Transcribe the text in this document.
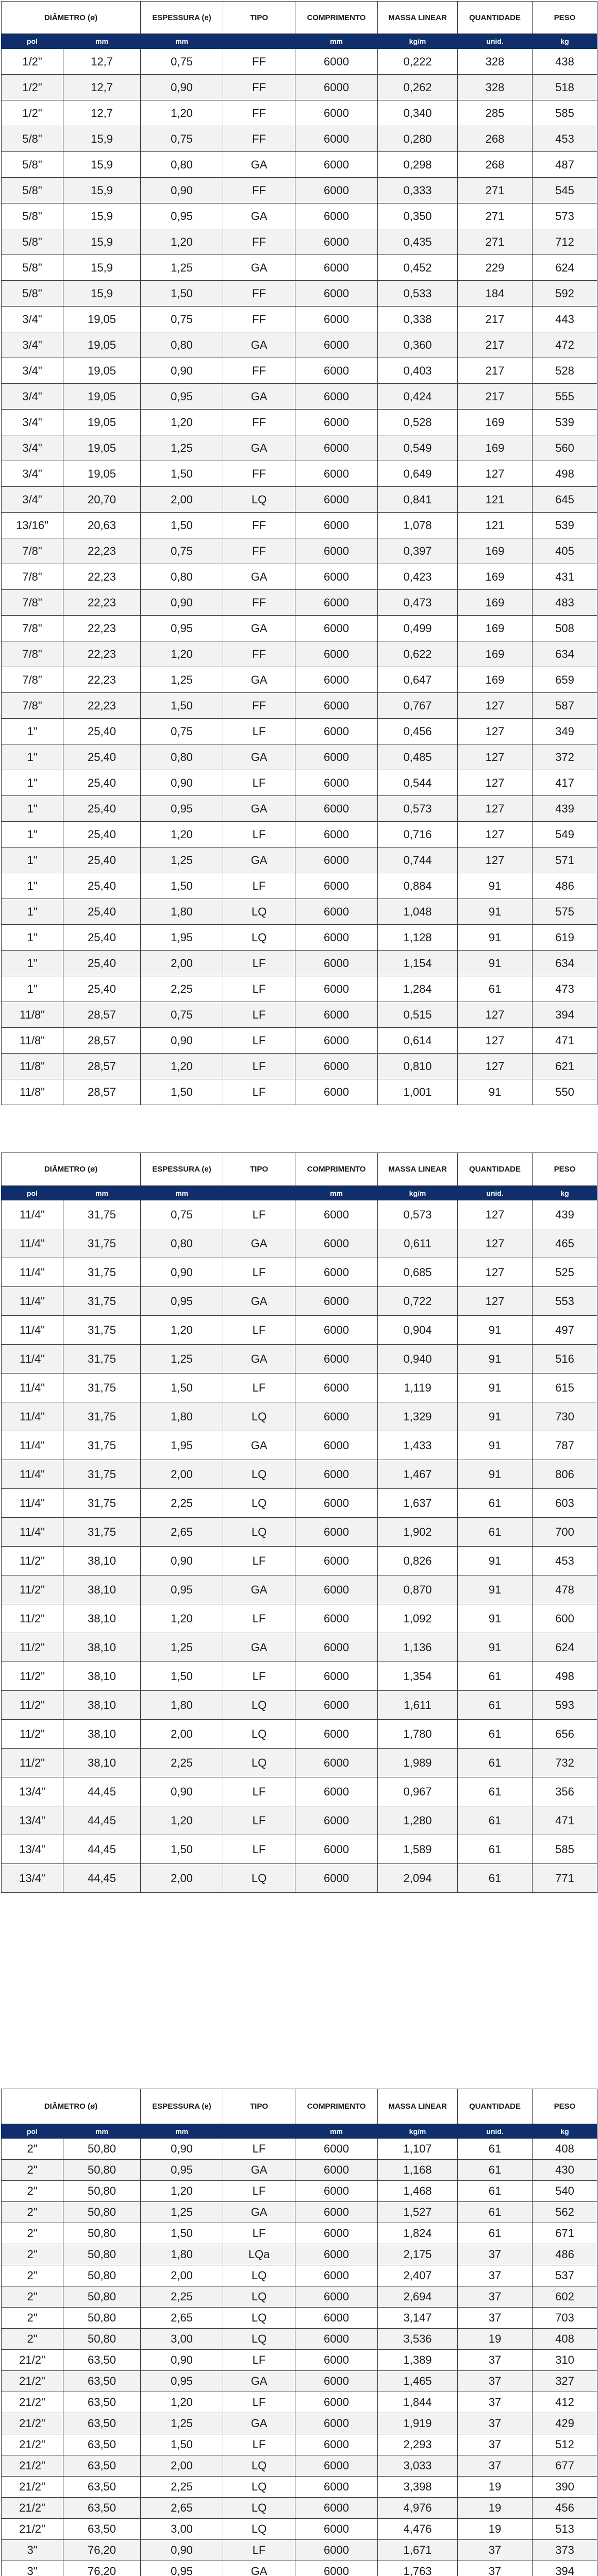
DIÂMETRO (ø)		ESPESSURA (e)	TIPO	COMPRIMENTO	MASSA LINEAR	QUANTIDADE	PESO
pol	mm	mm		mm	kg/m	unid.	kg
1/2"	12,7	0,75	FF	6000	0,222	328	438
1/2"	12,7	0,90	FF	6000	0,262	328	518
1/2"	12,7	1,20	FF	6000	0,340	285	585
5/8"	15,9	0,75	FF	6000	0,280	268	453
5/8"	15,9	0,80	GA	6000	0,298	268	487
5/8"	15,9	0,90	FF	6000	0,333	271	545
5/8"	15,9	0,95	GA	6000	0,350	271	573
5/8"	15,9	1,20	FF	6000	0,435	271	712
5/8"	15,9	1,25	GA	6000	0,452	229	624
5/8"	15,9	1,50	FF	6000	0,533	184	592
3/4"	19,05	0,75	FF	6000	0,338	217	443
3/4"	19,05	0,80	GA	6000	0,360	217	472
3/4"	19,05	0,90	FF	6000	0,403	217	528
3/4"	19,05	0,95	GA	6000	0,424	217	555
3/4"	19,05	1,20	FF	6000	0,528	169	539
3/4"	19,05	1,25	GA	6000	0,549	169	560
3/4"	19,05	1,50	FF	6000	0,649	127	498
3/4"	20,70	2,00	LQ	6000	0,841	121	645
13/16"	20,63	1,50	FF	6000	1,078	121	539
7/8"	22,23	0,75	FF	6000	0,397	169	405
7/8"	22,23	0,80	GA	6000	0,423	169	431
7/8"	22,23	0,90	FF	6000	0,473	169	483
7/8"	22,23	0,95	GA	6000	0,499	169	508
7/8"	22,23	1,20	FF	6000	0,622	169	634
7/8"	22,23	1,25	GA	6000	0,647	169	659
7/8"	22,23	1,50	FF	6000	0,767	127	587
1"	25,40	0,75	LF	6000	0,456	127	349
1"	25,40	0,80	GA	6000	0,485	127	372
1"	25,40	0,90	LF	6000	0,544	127	417
1"	25,40	0,95	GA	6000	0,573	127	439
1"	25,40	1,20	LF	6000	0,716	127	549
1"	25,40	1,25	GA	6000	0,744	127	571
1"	25,40	1,50	LF	6000	0,884	91	486
1"	25,40	1,80	LQ	6000	1,048	91	575
1"	25,40	1,95	LQ	6000	1,128	91	619
1"	25,40	2,00	LF	6000	1,154	91	634
1"	25,40	2,25	LF	6000	1,284	61	473
11/8"	28,57	0,75	LF	6000	0,515	127	394
11/8"	28,57	0,90	LF	6000	0,614	127	471
11/8"	28,57	1,20	LF	6000	0,810	127	621
11/8"	28,57	1,50	LF	6000	1,001	91	550
DIÂMETRO (ø)		ESPESSURA (e)	TIPO	COMPRIMENTO	MASSA LINEAR	QUANTIDADE	PESO
pol	mm	mm		mm	kg/m	unid.	kg
11/4"	31,75	0,75	LF	6000	0,573	127	439
11/4"	31,75	0,80	GA	6000	0,611	127	465
11/4"	31,75	0,90	LF	6000	0,685	127	525
11/4"	31,75	0,95	GA	6000	0,722	127	553
11/4"	31,75	1,20	LF	6000	0,904	91	497
11/4"	31,75	1,25	GA	6000	0,940	91	516
11/4"	31,75	1,50	LF	6000	1,119	91	615
11/4"	31,75	1,80	LQ	6000	1,329	91	730
11/4"	31,75	1,95	GA	6000	1,433	91	787
11/4"	31,75	2,00	LQ	6000	1,467	91	806
11/4"	31,75	2,25	LQ	6000	1,637	61	603
11/4"	31,75	2,65	LQ	6000	1,902	61	700
11/2"	38,10	0,90	LF	6000	0,826	91	453
11/2"	38,10	0,95	GA	6000	0,870	91	478
11/2"	38,10	1,20	LF	6000	1,092	91	600
11/2"	38,10	1,25	GA	6000	1,136	91	624
11/2"	38,10	1,50	LF	6000	1,354	61	498
11/2"	38,10	1,80	LQ	6000	1,611	61	593
11/2"	38,10	2,00	LQ	6000	1,780	61	656
11/2"	38,10	2,25	LQ	6000	1,989	61	732
13/4"	44,45	0,90	LF	6000	0,967	61	356
13/4"	44,45	1,20	LF	6000	1,280	61	471
13/4"	44,45	1,50	LF	6000	1,589	61	585
13/4"	44,45	2,00	LQ	6000	2,094	61	771
DIÂMETRO (ø)		ESPESSURA (e)	TIPO	COMPRIMENTO	MASSA LINEAR	QUANTIDADE	PESO
pol	mm	mm		mm	kg/m	unid.	kg
2"	50,80	0,90	LF	6000	1,107	61	408
2"	50,80	0,95	GA	6000	1,168	61	430
2"	50,80	1,20	LF	6000	1,468	61	540
2"	50,80	1,25	GA	6000	1,527	61	562
2"	50,80	1,50	LF	6000	1,824	61	671
2"	50,80	1,80	LQa	6000	2,175	37	486
2"	50,80	2,00	LQ	6000	2,407	37	537
2"	50,80	2,25	LQ	6000	2,694	37	602
2"	50,80	2,65	LQ	6000	3,147	37	703
2"	50,80	3,00	LQ	6000	3,536	19	408
21/2"	63,50	0,90	LF	6000	1,389	37	310
21/2"	63,50	0,95	GA	6000	1,465	37	327
21/2"	63,50	1,20	LF	6000	1,844	37	412
21/2"	63,50	1,25	GA	6000	1,919	37	429
21/2"	63,50	1,50	LF	6000	2,293	37	512
21/2"	63,50	2,00	LQ	6000	3,033	37	677
21/2"	63,50	2,25	LQ	6000	3,398	19	390
21/2"	63,50	2,65	LQ	6000	4,976	19	456
21/2"	63,50	3,00	LQ	6000	4,476	19	513
3"	76,20	0,90	LF	6000	1,671	37	373
3"	76,20	0,95	GA	6000	1,763	37	394
